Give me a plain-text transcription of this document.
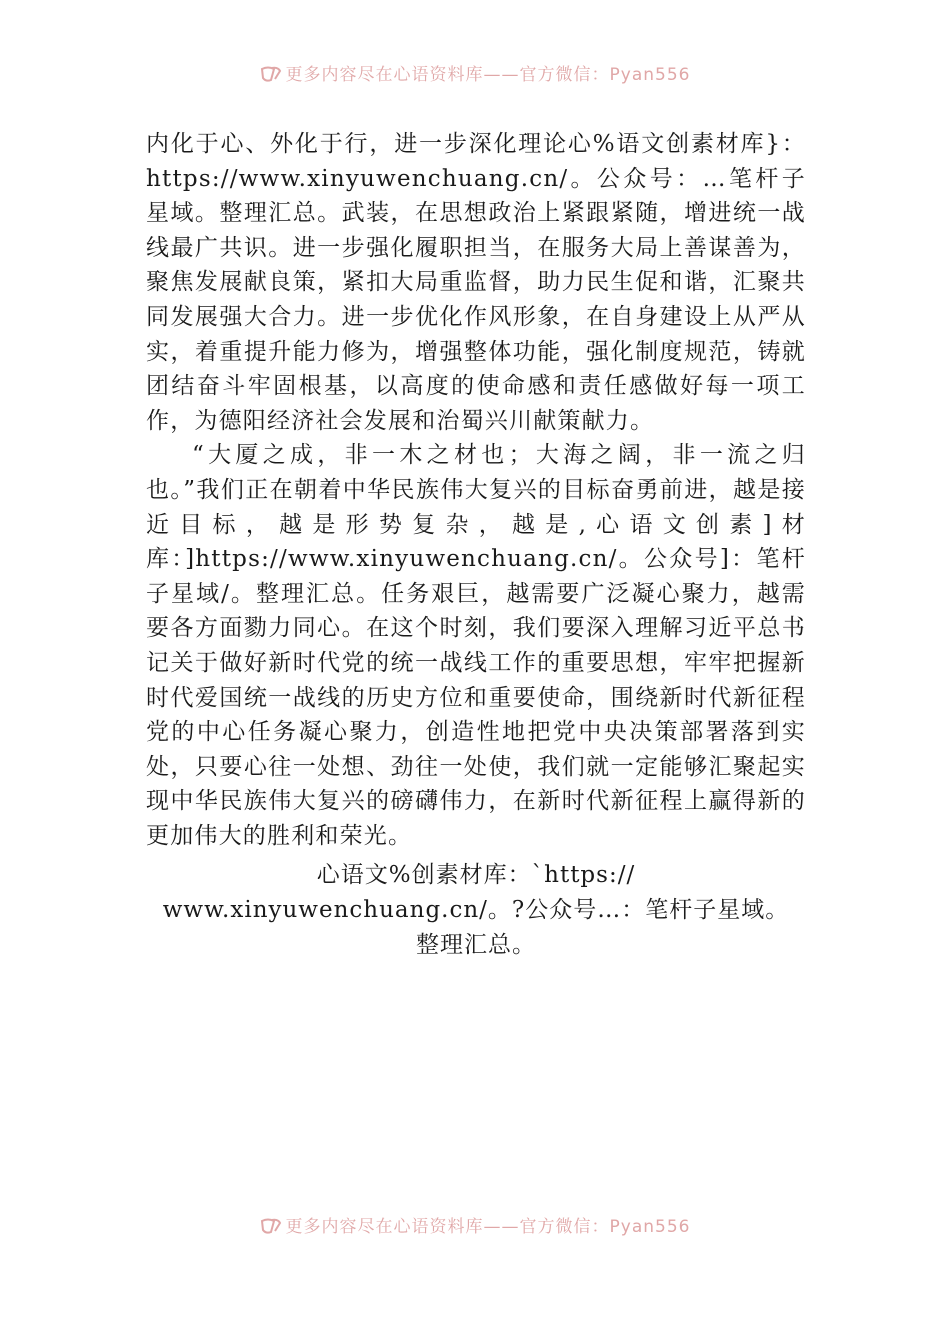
更多内容尽在心语资料库——官方微信：Pyan556

内化于心、外化于行，进一步深化理论心%语文创素材库}：https://www.xinyuwenchuang.cn/。公众号：…笔杆子星域。整理汇总。武装，在思想政治上紧跟紧随，增进统一战线最广共识。进一步强化履职担当，在服务大局上善谋善为，聚焦发展献良策，紧扣大局重监督，助力民生促和谐，汇聚共同发展强大合力。进一步优化作风形象，在自身建设上从严从实，着重提升能力修为，增强整体功能，强化制度规范，铸就团结奋斗牢固根基，以高度的使命感和责任感做好每一项工作，为德阳经济社会发展和治蜀兴川献策献力。

“大厦之成，非一木之材也；大海之阔，非一流之归也。”我们正在朝着中华民族伟大复兴的目标奋勇前进，越是接近目标，越是形势复杂，越是,心语文创素]材库：]https://www.xinyuwenchuang.cn/。公众号]：笔杆子星域/。整理汇总。任务艰巨，越需要广泛凝心聚力，越需要各方面勠力同心。在这个时刻，我们要深入理解习近平总书记关于做好新时代党的统一战线工作的重要思想，牢牢把握新时代爱国统一战线的历史方位和重要使命，围绕新时代新征程党的中心任务凝心聚力，创造性地把党中央决策部署落到实处，只要心往一处想、劲往一处使，我们就一定能够汇聚起实现中华民族伟大复兴的磅礴伟力，在新时代新征程上赢得新的更加伟大的胜利和荣光。

心语文%创素材库：`https://
www.xinyuwenchuang.cn/。?公众号…：笔杆子星域。
整理汇总。
更多内容尽在心语资料库——官方微信：Pyan556
